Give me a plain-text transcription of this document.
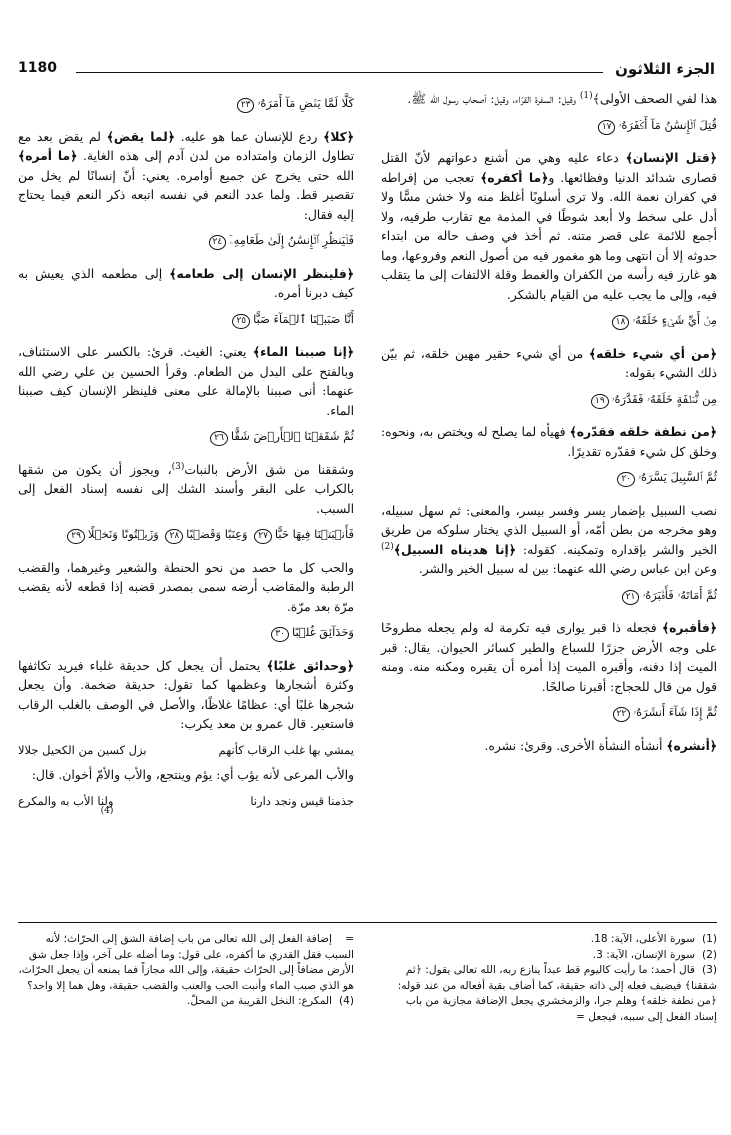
الجزء الثلاثون
1180

هذا لفي الصحف الأولى﴾$^{(1)}$ وقيل: السفرة القرّاء، وقيل: أصحاب رسول الله ﷺ.

قُتِلَ ٱلۡإِنسَٰنُ مَآ أَكۡفَرَهُۥ١٧

﴿قتل الإنسان﴾ دعاء عليه وهي من أشنع دعواتهم لأنّ القتل قصارى شدائد الدنيا وفظائعها. و﴿ما أكفره﴾ تعجب من إفراطه في كفران نعمة الله. ولا ترى أسلوبًا أغلظ منه ولا خشن مسًّا ولا أدل على سخط ولا أبعد شوطًا في المذمة مع تقارب طرفيه، ولا أجمع للائمة على قصر متنه. ثم أخذ في وصف حاله من ابتداء حدوثه إلا أن انتهى وما هو مغمور فيه من أصول النعم وفروعها، وما هو غارز فيه رأسه من الكفران والغمط وقلة الالتفات إلى ما يتقلب فيه، وإلى ما يجب عليه من القيام بالشكر.

مِنۡ أَيِّ شَيۡءٍ خَلَقَهُۥ١٨

﴿من أي شيء خلقه﴾ من أي شيء حقير مهين خلقه، ثم بيّن ذلك الشيء بقوله:

مِن نُّطۡفَةٍ خَلَقَهُۥ فَقَدَّرَهُۥ١٩

﴿من نطفة خلقه فقدّره﴾ فهيأه لما يصلح له ويختص به، ونحوه: وخلق كل شيء فقدّره تقديرًا.

ثُمَّ ٱلسَّبِيلَ يَسَّرَهُۥ٢٠

نصب السبيل بإضمار يسر وفسر بيسر، والمعنى: ثم سهل سبيله، وهو مخرجه من بطن أمّه، أو السبيل الذي يختار سلوكه من طريق الخير والشر بإقداره وتمكينه. كقوله: ﴿إنا هديناه السبيل﴾$^{(2)}$ وعن ابن عباس رضي الله عنهما: بين له سبيل الخير والشر.

ثُمَّ أَمَاتَهُۥ فَأَقۡبَرَهُۥ٢١

﴿فأقبره﴾ فجعله ذا قبر يوارى فيه تكرمة له ولم يجعله مطروحًا على وجه الأرض جزرًا للسباع والطير كسائر الحيوان. يقال: قبر الميت إذا دفنه، وأقبره الميت إذا أمره أن يقبره ومكنه منه. ومنه قول من قال للحجاج: أقبرنا صالحًا.

ثُمَّ إِذَا شَآءَ أَنشَرَهُۥ٢٢

﴿أنشره﴾ أنشأه النشأة الأخرى. وقرئ: نشره.

كَلَّا لَمَّا يَقۡضِ مَآ أَمَرَهُۥ٢٣

﴿كلا﴾ ردع للإنسان عما هو عليه. ﴿لما يقض﴾ لم يقض بعد مع تطاول الزمان وامتداده من لدن آدم إلى هذه الغاية. ﴿ما أمره﴾ الله حتى يخرج عن جميع أوامره. يعني: أنّ إنسانًا لم يخل من تقصير قط. ولما عدد النعم في نفسه اتبعه ذكر النعم فيما يحتاج إليه فقال:

فَلۡيَنظُرِ ٱلۡإِنسَٰنُ إِلَىٰ طَعَامِهِۦٓ٢٤

﴿فلينظر الإنسان إلى طعامه﴾ إلى مطعمه الذي يعيش به كيف دبرنا أمره.

أَنَّا صَبَبۡنَا ٱلۡمَآءَ صَبًّا٢٥

﴿إنا صببنا الماء﴾ يعني: الغيث. قرئ: بالكسر على الاستئناف، وبالفتح على البدل من الطعام. وقرأ الحسين بن علي رضي الله عنهما: أنى صببنا بالإمالة على معنى فلينظر الإنسان كيف صببنا الماء.

ثُمَّ شَقَقۡنَا ٱلۡأَرۡضَ شَقًّا٢٦

وشققنا من شق الأرض بالنبات$^{(3)}$، ويجوز أن يكون من شقها بالكراب على البقر وأسند الشك إلى نفسه إسناد الفعل إلى السبب.

فَأَنۢبَتۡنَا فِيهَا حَبًّا٢٧ وَعِنَبًا وَقَضۡبًا٢٨ وَزَيۡتُونًا وَنَخۡلًا٢٩

والحب كل ما حصد من نحو الحنطة والشعير وغيرهما، والقضب الرطبة والمقاضب أرضه سمى بمصدر قضبه إذا قطعه لأنه يقضب مرّة بعد مرّة.

وَحَدَآئِقَ غُلۡبًا٣٠

﴿وحدائق غلبًا﴾ يحتمل أن يجعل كل حديقة غلباء فيريد تكاثفها وكثرة أشجارها وعظمها كما تقول: حديقة ضخمة. وأن يجعل شجرها غلبًا أي: عظامًا غلاظًا، والأصل في الوصف بالغلب الرقاب فاستعير. قال عمرو بن معد يكرب:

يمشي بها غلب الرقاب كأنهم
بزل كسين من الكحيل جلالا

والأب المرعى لأنه يؤب أي: يؤم وينتجع، والأب والأمّ أخوان. قال:

جذمنا قيس ونجد دارنا
ولنا الأب به والمكرع
(4)

(1)سورة الأعلى، الآية: 18.

(2)سورة الإنسان، الآية: 3.

(3)قال أحمد: ما رأيت كاليوم قط عبداً ينازع ربه، الله تعالى يقول: ﴿ثم شققنا﴾ فيضيف فعله إلى ذاته حقيقة، كما أضاف بقية أفعاله من عند قوله: ﴿من نطفة خلقه﴾ وهلم جرا، والزمخشري يجعل الإضافة مجازية من باب إسناد الفعل إلى سببه، فيجعل =

=إضافة الفعل إلى الله تعالى من باب إضافة الشق إلى الحرّاث؛ لأنه السبب فقل القدري ما أكفره، على قول: وما أضله على آخر، وإذا جعل شق الأرض مضافاً إلى الحرّاث حقيقة، وإلى الله مجازاً فما يمنعه أن يجعل الحرّاث، هو الذي صبب الماء وأنبت الحب والعنب والقضب حقيقة، وهل هما إلا واحد؟

(4)المكرع: النخل القريبة من المحلّ.
